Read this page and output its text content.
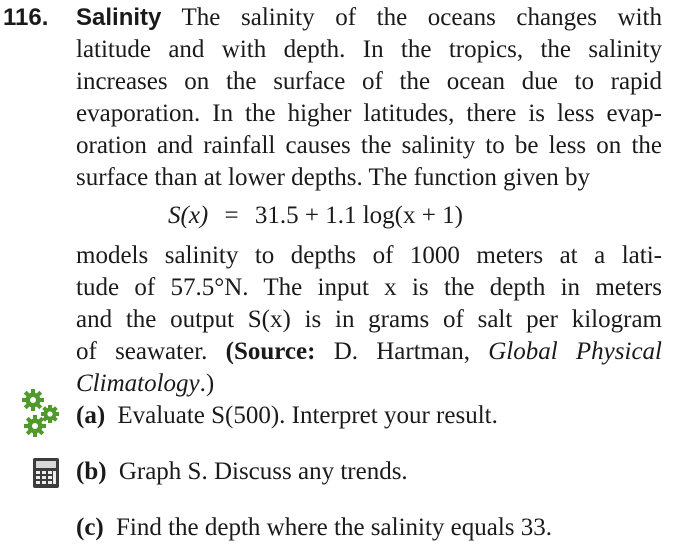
116. Salinity The salinity of the oceans changes with
latitude and with depth. In the tropics, the salinity
increases on the surface of the ocean due to rapid
evaporation. In the higher latitudes, there is less evap-
oration and rainfall causes the salinity to be less on the
surface than at lower depths. The function given by
S(x) = 31.5 + 1.1 log(x + 1)
models salinity to depths of 1000 meters at a lati-
tude of 57.5°N. The input x is the depth in meters
and the output S(x) is in grams of salt per kilogram
of seawater. (Source: D. Hartman, Global Physical
Climatology.)
(a) Evaluate S(500). Interpret your result.
(b) Graph S. Discuss any trends.
(c) Find the depth where the salinity equals 33.
